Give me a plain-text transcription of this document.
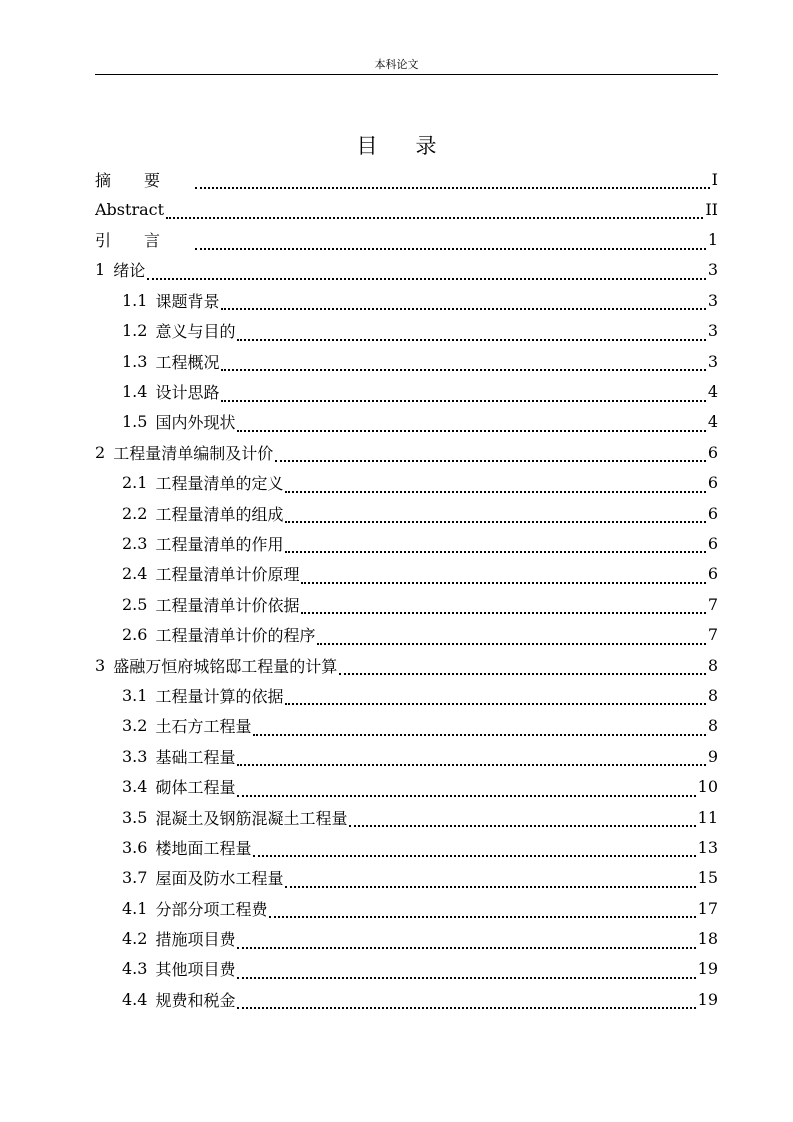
本科论文
目录
摘要	I
Abstract	II
引言	1
1 绪论	3
1.1 课题背景	3
1.2 意义与目的	3
1.3 工程概况	3
1.4 设计思路	4
1.5 国内外现状	4
2 工程量清单编制及计价	6
2.1 工程量清单的定义	6
2.2 工程量清单的组成	6
2.3 工程量清单的作用	6
2.4 工程量清单计价原理	6
2.5 工程量清单计价依据	7
2.6 工程量清单计价的程序	7
3 盛融万恒府城铭邸工程量的计算	8
3.1 工程量计算的依据	8
3.2 土石方工程量	8
3.3 基础工程量	9
3.4 砌体工程量	10
3.5 混凝土及钢筋混凝土工程量	11
3.6 楼地面工程量	13
3.7 屋面及防水工程量	15
4.1 分部分项工程费	17
4.2 措施项目费	18
4.3 其他项目费	19
4.4 规费和税金	19
